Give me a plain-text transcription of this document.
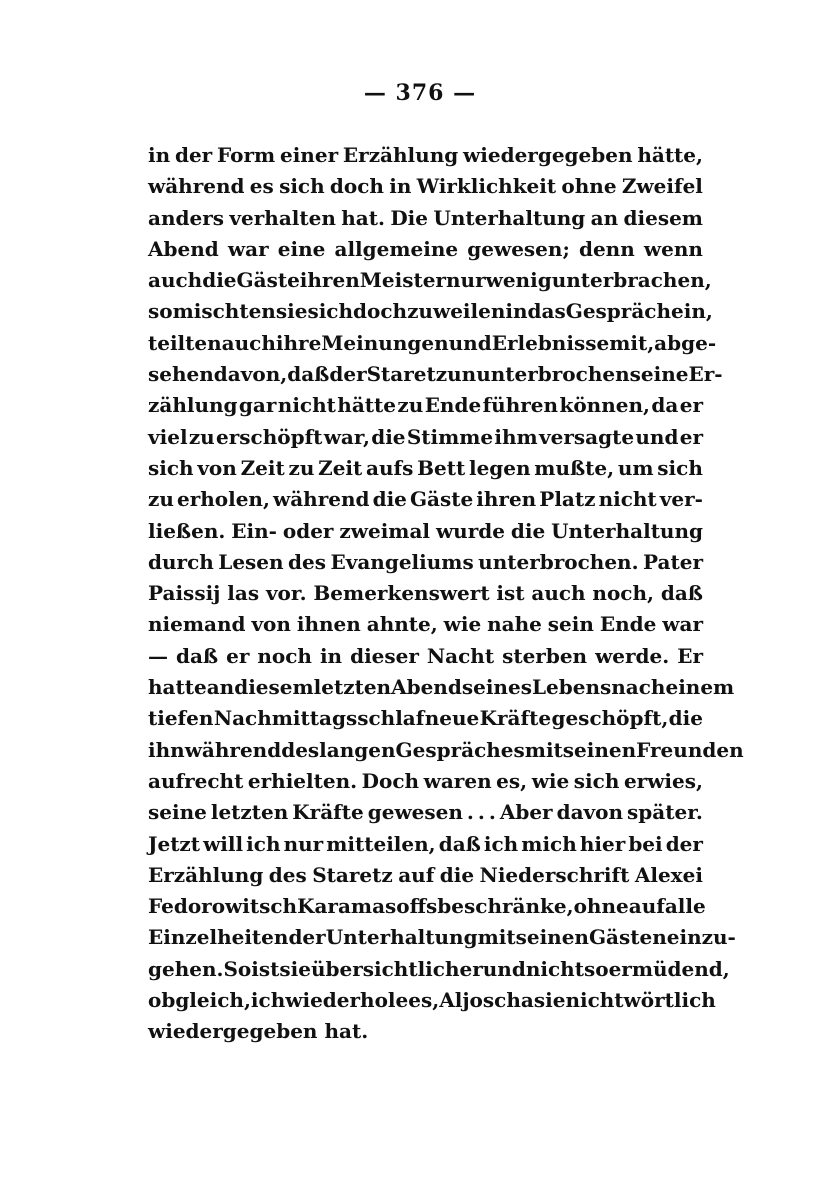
— 376 —
in der Form einer Erzählung wiedergegeben hätte,
während es sich doch in Wirklichkeit ohne Zweifel
anders verhalten hat. Die Unterhaltung an diesem
Abend war eine allgemeine gewesen; denn wenn
auch die Gäste ihren Meister nur wenig unterbrachen,
so mischten sie sich doch zuweilen in das Gespräch ein,
teilten auch ihre Meinungen und Erlebnisse mit, abge-
sehen davon, daß der Staretz ununterbrochen seine Er-
zählung gar nicht hätte zu Ende führen können, da er
viel zu erschöpft war, die Stimme ihm versagte und er
sich von Zeit zu Zeit aufs Bett legen mußte, um sich
zu erholen, während die Gäste ihren Platz nicht ver-
ließen. Ein- oder zweimal wurde die Unterhaltung
durch Lesen des Evangeliums unterbrochen. Pater
Paissij las vor. Bemerkenswert ist auch noch, daß
niemand von ihnen ahnte, wie nahe sein Ende war
— daß er noch in dieser Nacht sterben werde. Er
hatte an diesem letzten Abend seines Lebens nach einem
tiefen Nachmittagsschlaf neue Kräfte geschöpft, die
ihn während des langen Gespräches mit seinen Freunden
aufrecht erhielten. Doch waren es, wie sich erwies,
seine letzten Kräfte gewesen . . . Aber davon später.
Jetzt will ich nur mitteilen, daß ich mich hier bei der
Erzählung des Staretz auf die Niederschrift Alexei
Fedorowitsch Karamasoffs beschränke, ohne auf alle
Einzelheiten der Unterhaltung mit seinen Gästen einzu-
gehen. So ist sie übersichtlicher und nicht so ermüdend,
obgleich, ich wiederhole es, Aljoscha sie nicht wörtlich
wiedergegeben hat.
